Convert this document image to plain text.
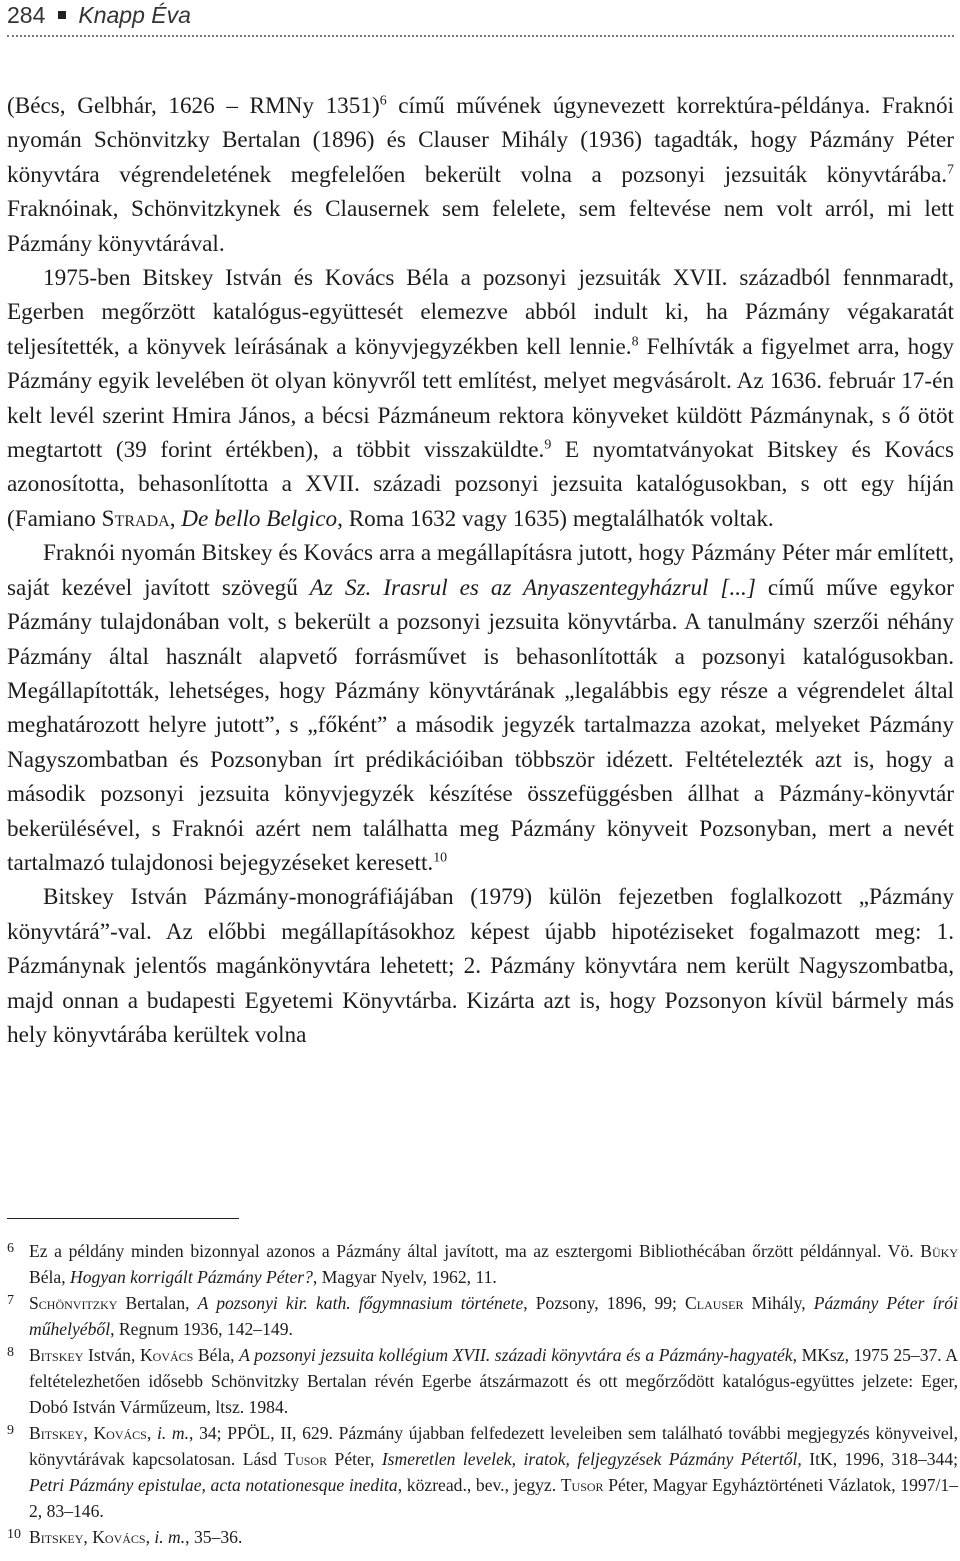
284 Knapp Éva

(Bécs, Gelbhár, 1626 – RMNy 1351)$^6$ című művének úgynevezett korrektúra-példánya. Fraknói nyomán Schönvitzky Bertalan (1896) és Clauser Mihály (1936) tagadták, hogy Pázmány Péter könyvtára végrendeletének megfelelően bekerült volna a pozsonyi jezsuiták könyvtárába.$^7$ Fraknóinak, Schönvitzkynek és Clausernek sem felelete, sem feltevése nem volt arról, mi lett Pázmány könyvtárával.

1975-ben Bitskey István és Kovács Béla a pozsonyi jezsuiták XVII. századból fennmaradt, Egerben megőrzött katalógus-együttesét elemezve abból indult ki, ha Pázmány végakaratát teljesítették, a könyvek leírásának a könyvjegyzékben kell lennie.$^8$ Felhívták a figyelmet arra, hogy Pázmány egyik levelében öt olyan könyvről tett említést, melyet megvásárolt. Az 1636. február 17-én kelt levél szerint Hmira János, a bécsi Pázmáneum rektora könyveket küldött Pázmánynak, s ő ötöt megtartott (39 forint értékben), a többit visszaküldte.$^9$ E nyomtatványokat Bitskey és Kovács azonosította, behasonlította a XVII. századi pozsonyi jezsuita katalógusokban, s ott egy híján (Famiano Strada, De bello Belgico, Roma 1632 vagy 1635) megtalálhatók voltak.

Fraknói nyomán Bitskey és Kovács arra a megállapításra jutott, hogy Pázmány Péter már említett, saját kezével javított szövegű Az Sz. Irasrul es az Anyaszentegyházrul [...] című műve egykor Pázmány tulajdonában volt, s bekerült a pozsonyi jezsuita könyvtárba. A tanulmány szerzői néhány Pázmány által használt alapvető forrásművet is behasonlították a pozsonyi katalógusokban. Megállapították, lehetséges, hogy Pázmány könyvtárának „legalábbis egy része a végrendelet által meghatározott helyre jutott”, s „főként” a második jegyzék tartalmazza azokat, melyeket Pázmány Nagyszombatban és Pozsonyban írt prédikációiban többször idézett. Feltételezték azt is, hogy a második pozsonyi jezsuita könyvjegyzék készítése összefüggésben állhat a Pázmány-könyvtár bekerülésével, s Fraknói azért nem találhatta meg Pázmány könyveit Pozsonyban, mert a nevét tartalmazó tulajdonosi bejegyzéseket keresett.$^{10}$

Bitskey István Pázmány-monográfiájában (1979) külön fejezetben foglalkozott „Pázmány könyvtárá”-val. Az előbbi megállapításokhoz képest újabb hipotéziseket fogalmazott meg: 1. Pázmánynak jelentős magánkönyvtára lehetett; 2. Pázmány könyvtára nem került Nagyszombatba, majd onnan a budapesti Egyetemi Könyvtárba. Kizárta azt is, hogy Pozsonyon kívül bármely más hely könyvtárába kerültek volna

6 Ez a példány minden bizonnyal azonos a Pázmány által javított, ma az esztergomi Bibliothécában őrzött példánnyal. Vö. Büky Béla, Hogyan korrigált Pázmány Péter?, Magyar Nyelv, 1962, 11.

7 Schönvitzky Bertalan, A pozsonyi kir. kath. főgymnasium története, Pozsony, 1896, 99; Clauser Mihály, Pázmány Péter írói műhelyéből, Regnum 1936, 142–149.

8 Bitskey István, Kovács Béla, A pozsonyi jezsuita kollégium XVII. századi könyvtára és a Pázmány-hagyaték, MKsz, 1975 25–37. A feltételezhetően idősebb Schönvitzky Bertalan révén Egerbe átszármazott és ott megőrződött katalógus-együttes jelzete: Eger, Dobó István Várműzeum, ltsz. 1984.

9 Bitskey, Kovács, i. m., 34; PPÖL, II, 629. Pázmány újabban felfedezett leveleiben sem található további megjegyzés könyveivel, könyvtárávak kapcsolatosan. Lásd Tusor Péter, Ismeretlen levelek, iratok, feljegyzések Pázmány Pétertől, ItK, 1996, 318–344; Petri Pázmány epistulae, acta notationesque inedita, közread., bev., jegyz. Tusor Péter, Magyar Egyháztörténeti Vázlatok, 1997/1–2, 83–146.

10 Bitskey, Kovács, i. m., 35–36.
